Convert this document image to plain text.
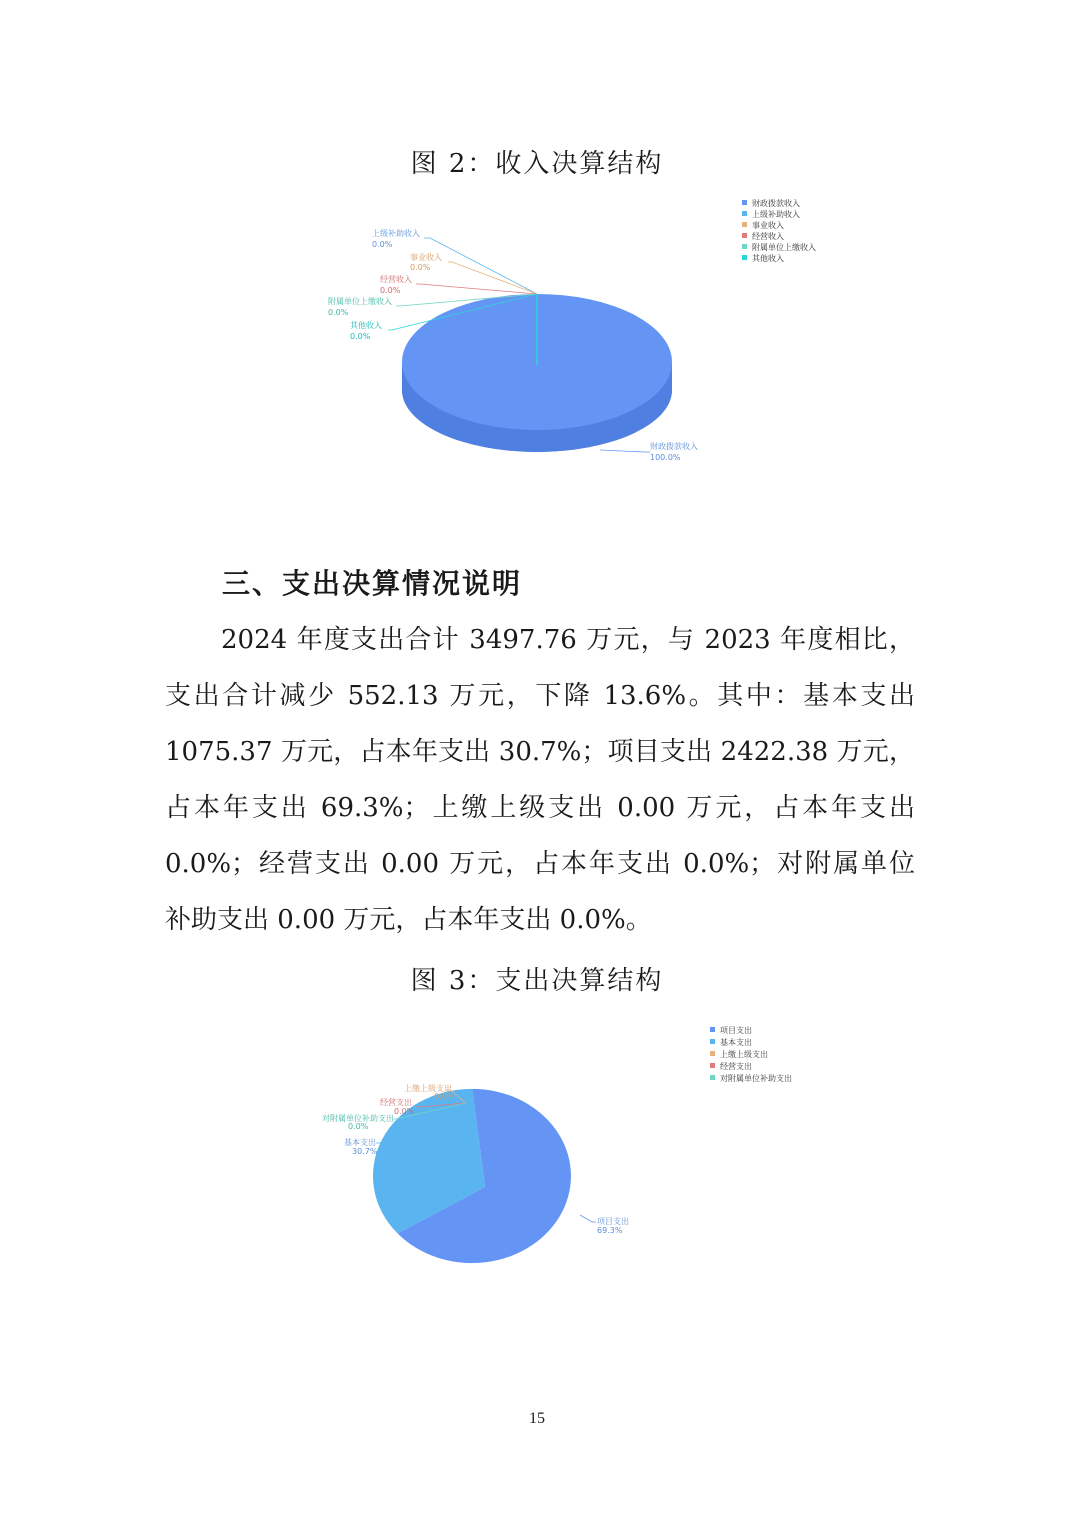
图 2：收入决算结构
财政拨款收入
上级补助收入
事业收入
经营收入
附属单位上缴收入
其他收入
上级补助收入
0.0%
事业收入
0.0%
经营收入
0.0%
附属单位上缴收入
0.0%
其他收入
0.0%
财政拨款收入
100.0%
三、支出决算情况说明
2024 年度支出合计 3497.76 万元，与 2023 年度相比，
支出合计减少 552.13 万元，下降 13.6%。其中：基本支出
1075.37 万元，占本年支出 30.7%；项目支出 2422.38 万元，
占本年支出 69.3%；上缴上级支出 0.00 万元，占本年支出
0.0%；经营支出 0.00 万元，占本年支出 0.0%；对附属单位
补助支出 0.00 万元，占本年支出 0.0%。
图 3：支出决算结构
项目支出
基本支出
上缴上级支出
经营支出
对附属单位补助支出
上缴上级支出
0.0%
经营支出
0.0%
对附属单位补助支出
0.0%
基本支出
30.7%
项目支出
69.3%
15
